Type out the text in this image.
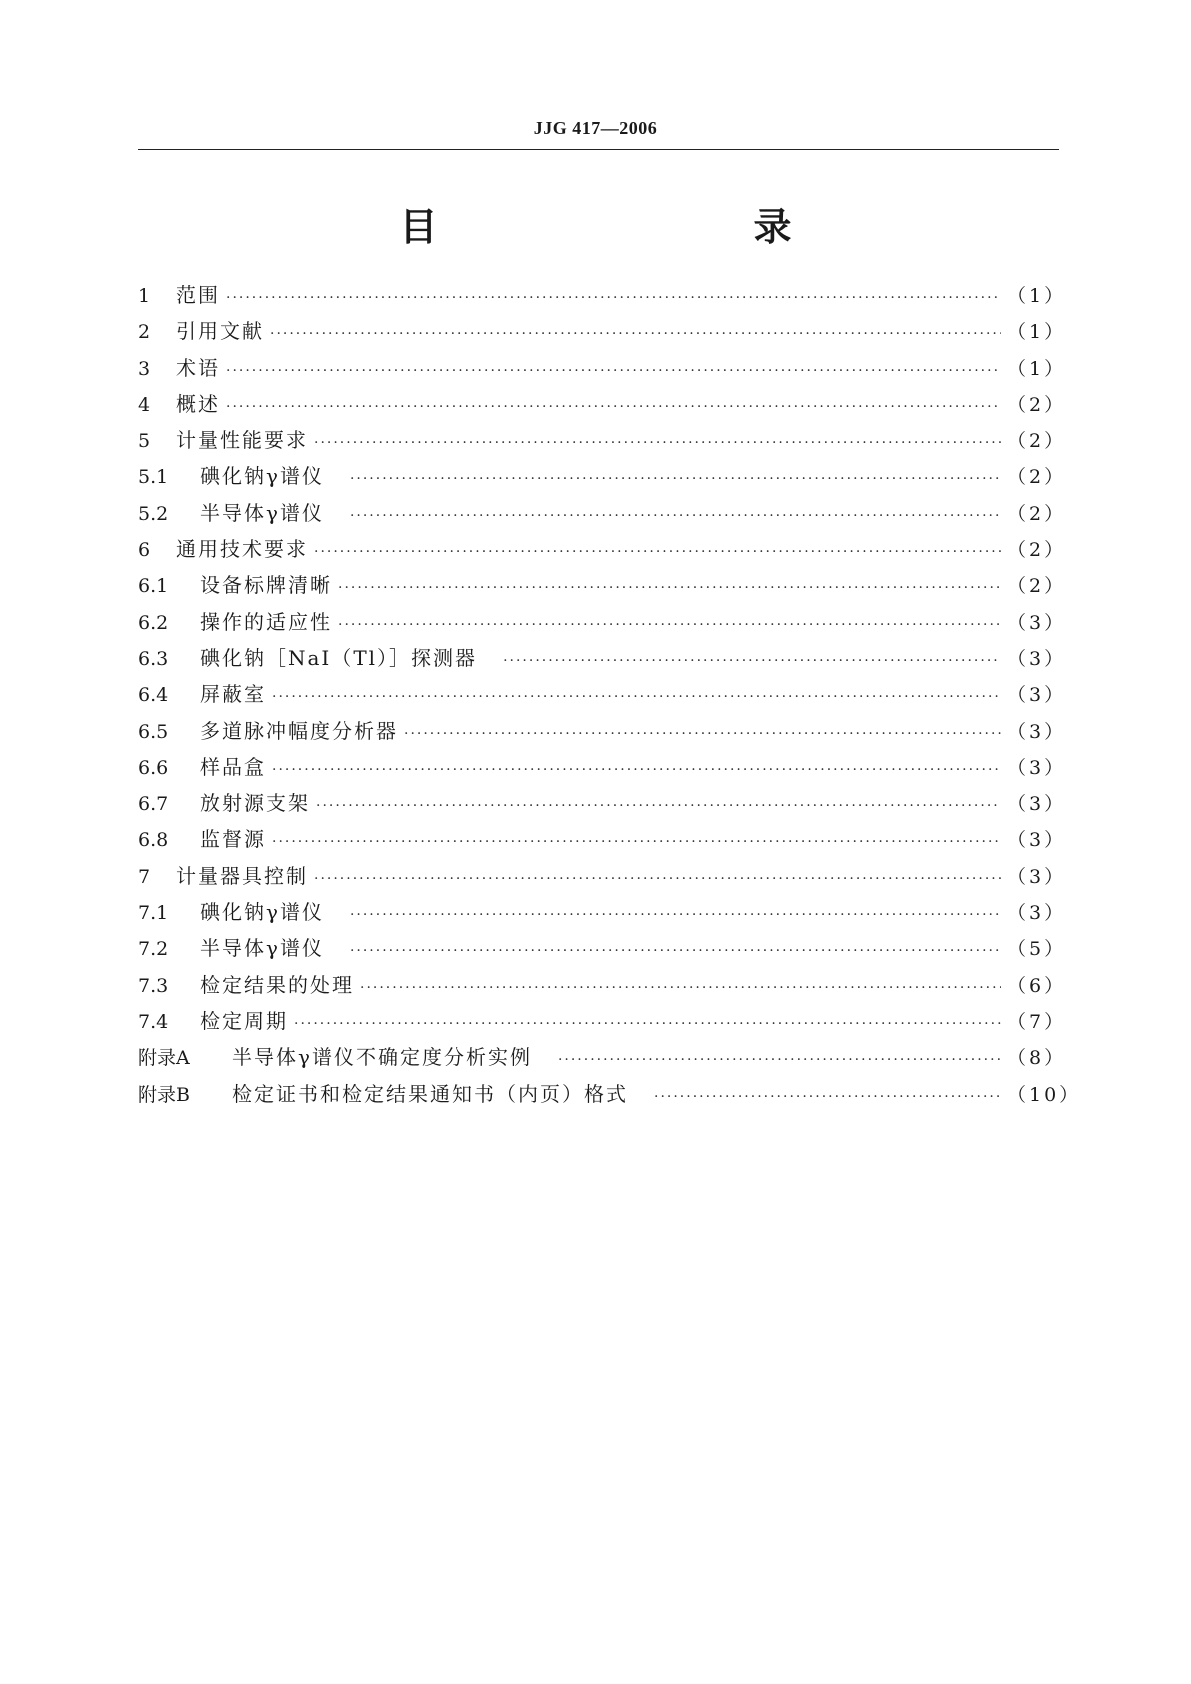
JJG 417—2006
目　　录
1	范围 ·····	（1）
2	引用文献 ·····	（1）
3	术语 ·····	（1）
4	概述 ·····	（2）
5	计量性能要求 ·····	（2）
5.1	碘化钠γ谱仪 ·····	（2）
5.2	半导体γ谱仪 ·····	（2）
6	通用技术要求 ·····	（2）
6.1	设备标牌清晰 ·····	（2）
6.2	操作的适应性 ·····	（3）
6.3	碘化钠［NaI（Tl）］探测器 ·····	（3）
6.4	屏蔽室 ·····	（3）
6.5	多道脉冲幅度分析器 ·····	（3）
6.6	样品盒 ·····	（3）
6.7	放射源支架 ·····	（3）
6.8	监督源 ·····	（3）
7	计量器具控制 ·····	（3）
7.1	碘化钠γ谱仪 ·····	（3）
7.2	半导体γ谱仪 ·····	（5）
7.3	检定结果的处理 ·····	（6）
7.4	检定周期 ·····	（7）
附录A	半导体γ谱仪不确定度分析实例 ·····	（8）
附录B	检定证书和检定结果通知书（内页）格式 ·····	（10）
